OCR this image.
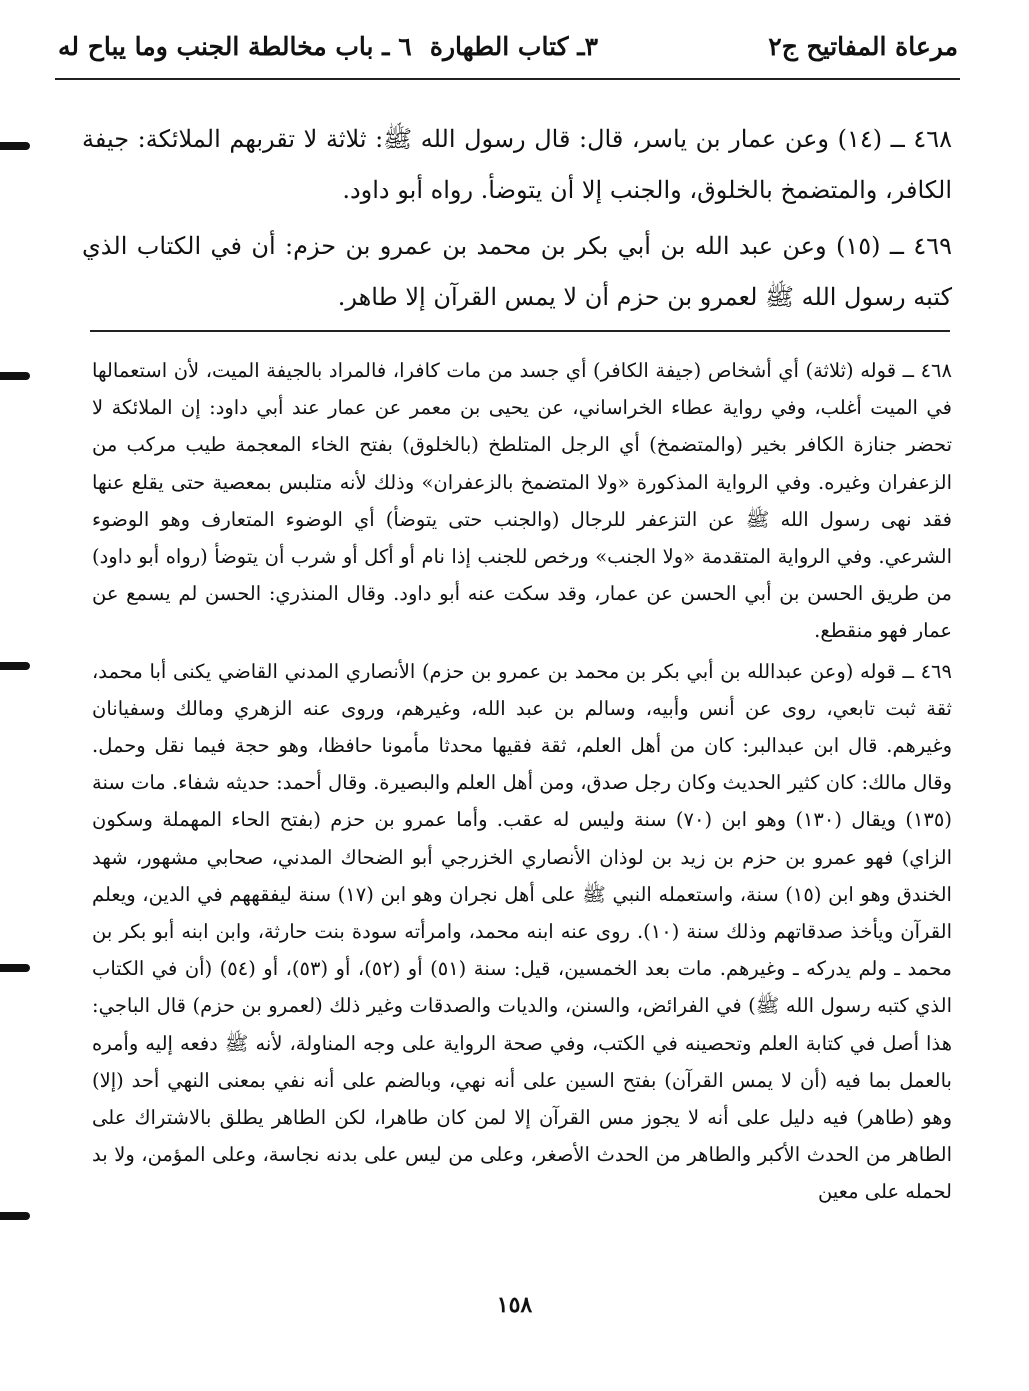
مرعاة المفاتيح ج٢
٣ـ كتاب الطهارة
٦ ـ باب مخالطة الجنب وما يباح له
٤٦٨ ــ (١٤) وعن عمار بن ياسر، قال: قال رسول الله ﷺ: ثلاثة لا تقربهم الملائكة: جيفة الكافر، والمتضمخ بالخلوق، والجنب إلا أن يتوضأ. رواه أبو داود.
٤٦٩ ــ (١٥) وعن عبد الله بن أبي بكر بن محمد بن عمرو بن حزم: أن في الكتاب الذي كتبه رسول الله ﷺ لعمرو بن حزم أن لا يمس القرآن إلا طاهر.

٤٦٨ ــ قوله (ثلاثة) أي أشخاص (جيفة الكافر) أي جسد من مات كافرا، فالمراد بالجيفة الميت، لأن استعمالها في الميت أغلب، وفي رواية عطاء الخراساني، عن يحيى بن معمر عن عمار عند أبي داود: إن الملائكة لا تحضر جنازة الكافر بخير (والمتضمخ) أي الرجل المتلطخ (بالخلوق) بفتح الخاء المعجمة طيب مركب من الزعفران وغيره. وفي الرواية المذكورة «ولا المتضمخ بالزعفران» وذلك لأنه متلبس بمعصية حتى يقلع عنها فقد نهى رسول الله ﷺ عن التزعفر للرجال (والجنب حتى يتوضأ) أي الوضوء المتعارف وهو الوضوء الشرعي. وفي الرواية المتقدمة «ولا الجنب» ورخص للجنب إذا نام أو أكل أو شرب أن يتوضأ (رواه أبو داود) من طريق الحسن بن أبي الحسن عن عمار، وقد سكت عنه أبو داود. وقال المنذري: الحسن لم يسمع عن عمار فهو منقطع.

٤٦٩ ــ قوله (وعن عبدالله بن أبي بكر بن محمد بن عمرو بن حزم) الأنصاري المدني القاضي يكنى أبا محمد، ثقة ثبت تابعي، روى عن أنس وأبيه، وسالم بن عبد الله، وغيرهم، وروى عنه الزهري ومالك وسفيانان وغيرهم. قال ابن عبدالبر: كان من أهل العلم، ثقة فقيها محدثا مأمونا حافظا، وهو حجة فيما نقل وحمل. وقال مالك: كان كثير الحديث وكان رجل صدق، ومن أهل العلم والبصيرة. وقال أحمد: حديثه شفاء. مات سنة (١٣٥) ويقال (١٣٠) وهو ابن (٧٠) سنة وليس له عقب. وأما عمرو بن حزم (بفتح الحاء المهملة وسكون الزاي) فهو عمرو بن حزم بن زيد بن لوذان الأنصاري الخزرجي أبو الضحاك المدني، صحابي مشهور، شهد الخندق وهو ابن (١٥) سنة، واستعمله النبي ﷺ على أهل نجران وهو ابن (١٧) سنة ليفقههم في الدين، ويعلم القرآن ويأخذ صدقاتهم وذلك سنة (١٠). روى عنه ابنه محمد، وامرأته سودة بنت حارثة، وابن ابنه أبو بكر بن محمد ـ ولم يدركه ـ وغيرهم. مات بعد الخمسين، قيل: سنة (٥١) أو (٥٢)، أو (٥٣)، أو (٥٤) (أن في الكتاب الذي كتبه رسول الله ﷺ) في الفرائض، والسنن، والديات والصدقات وغير ذلك (لعمرو بن حزم) قال الباجي: هذا أصل في كتابة العلم وتحصينه في الكتب، وفي صحة الرواية على وجه المناولة، لأنه ﷺ دفعه إليه وأمره بالعمل بما فيه (أن لا يمس القرآن) بفتح السين على أنه نهي، وبالضم على أنه نفي بمعنى النهي أحد (إلا) وهو (طاهر) فيه دليل على أنه لا يجوز مس القرآن إلا لمن كان طاهرا، لكن الطاهر يطلق بالاشتراك على الطاهر من الحدث الأكبر والطاهر من الحدث الأصغر، وعلى من ليس على بدنه نجاسة، وعلى المؤمن، ولا بد لحمله على معين

١٥٨
